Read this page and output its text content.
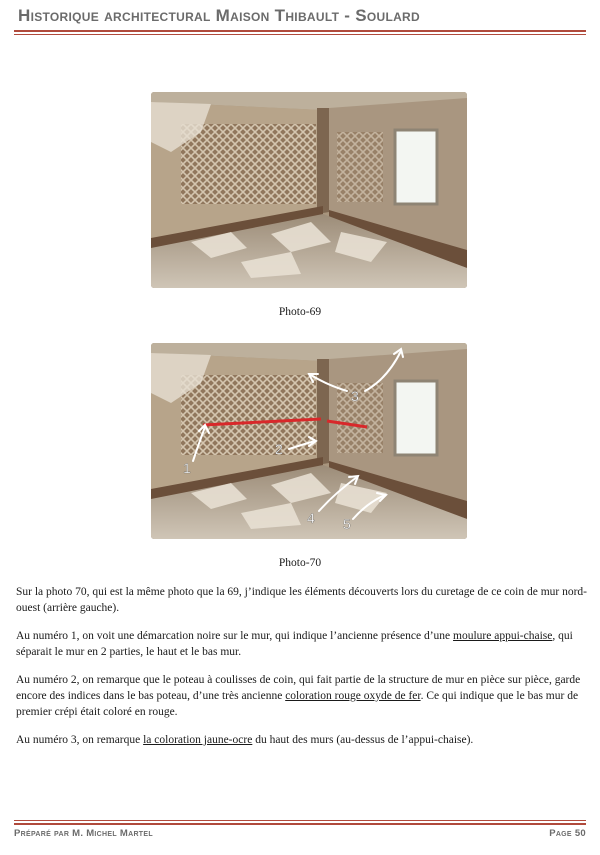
Historique architectural Maison Thibault - Soulard
Photo-69
1
2
3
4 5
Photo-70

Sur la photo 70, qui est la même photo que la 69, j’indique les éléments découverts lors du curetage de ce coin de mur nord-ouest (arrière gauche).

Au numéro 1, on voit une démarcation noire sur le mur, qui indique l’ancienne présence d’une moulure appui-chaise, qui séparait le mur en 2 parties, le haut et le bas mur.

Au numéro 2, on remarque que le poteau à coulisses de coin, qui fait partie de la structure de mur en pièce sur pièce, garde encore des indices dans le bas poteau, d’une très ancienne coloration rouge oxyde de fer. Ce qui indique que le bas mur de premier crépi était coloré en rouge.

Au numéro 3, on remarque la coloration jaune-ocre du haut des murs (au-dessus de l’appui-chaise).

Préparé par M. Michel Martel	Page 50
